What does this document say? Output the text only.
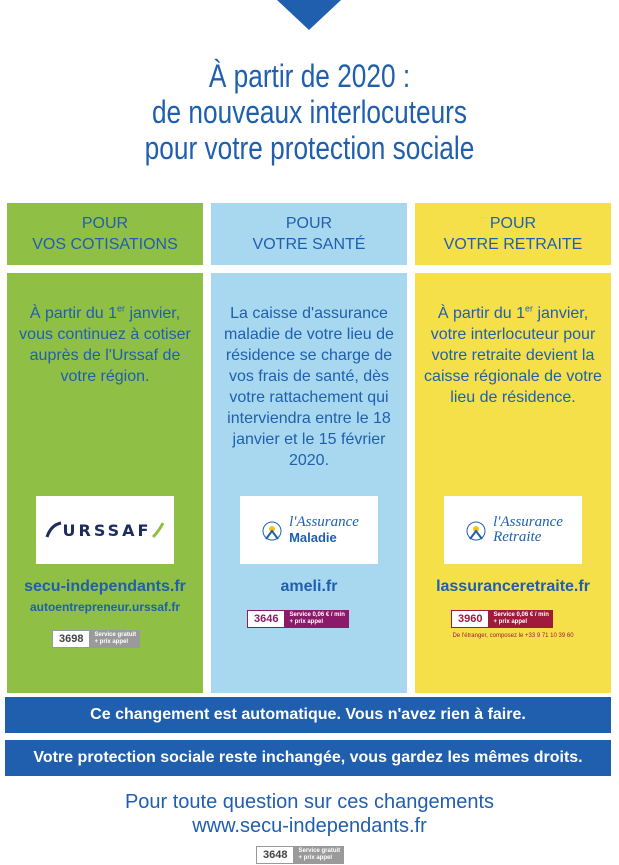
À partir de 2020 :
de nouveaux interlocuteurs
pour votre protection sociale
POUR
VOS COTISATIONS
À partir du 1er janvier, vous continuez à cotiser auprès de l'Urssaf de votre région.
URSSAF
secu-independants.fr
autoentrepreneur.urssaf.fr
3698	Service gratuit
+ prix appel
POUR
VOTRE SANTÉ
La caisse d'assurance maladie de votre lieu de résidence se charge de vos frais de santé, dès votre rattachement qui interviendra entre le 18 janvier et le 15 février 2020.
l'Assurance
Maladie
ameli.fr
3646	Service 0,06 € / min
+ prix appel
POUR
VOTRE RETRAITE
À partir du 1er janvier, votre interlocuteur pour votre retraite devient la caisse régionale de votre lieu de résidence.
l'Assurance
Retraite
lassuranceretraite.fr
3960	Service 0,06 € / min
+ prix appel
De l'étranger, composez le +33 9 71 10 39 60
Ce changement est automatique. Vous n'avez rien à faire.
Votre protection sociale reste inchangée, vous gardez les mêmes droits.
Pour toute question sur ces changements
www.secu-independants.fr
3648	Service gratuit
+ prix appel
